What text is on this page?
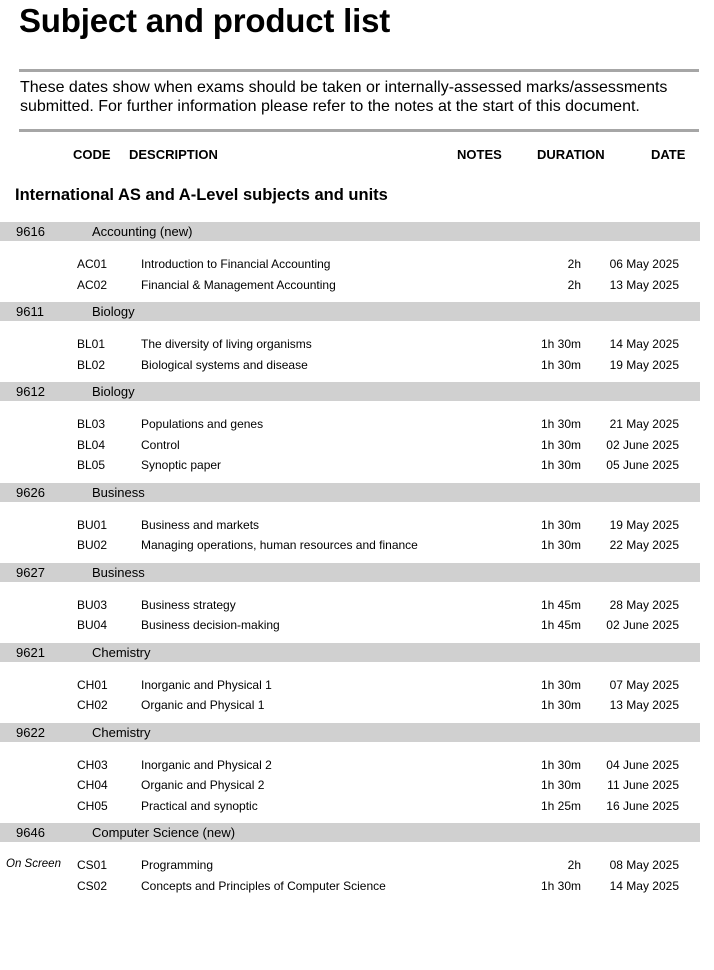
Subject and product list

These dates show when exams should be taken or internally-assessed marks/assessments submitted. For further information please refer to the notes at the start of this document.

CODE DESCRIPTION	NOTES	DURATION	DATE
International AS and A-Level subjects and units
9616	Accounting (new)
AC01	Introduction to Financial Accounting	2h 06 May 2025
AC02	Financial & Management Accounting	2h 13 May 2025
9611	Biology
BL01	The diversity of living organisms	1h 30m 14 May 2025
BL02	Biological systems and disease	1h 30m 19 May 2025
9612	Biology
BL03	Populations and genes	1h 30m 21 May 2025
BL04	Control	1h 30m 02 June 2025
BL05	Synoptic paper	1h 30m 05 June 2025
9626	Business
BU01	Business and markets	1h 30m 19 May 2025
BU02	Managing operations, human resources and finance	1h 30m 22 May 2025
9627	Business
BU03	Business strategy	1h 45m 28 May 2025
BU04	Business decision-making	1h 45m 02 June 2025
9621	Chemistry
CH01	Inorganic and Physical 1	1h 30m 07 May 2025
CH02	Organic and Physical 1	1h 30m 13 May 2025
9622	Chemistry
CH03	Inorganic and Physical 2	1h 30m 04 June 2025
CH04	Organic and Physical 2	1h 30m 11 June 2025
CH05	Practical and synoptic	1h 25m 16 June 2025
9646	Computer Science (new)
On Screen CS01	Programming	2h 08 May 2025
CS02	Concepts and Principles of Computer Science	1h 30m 14 May 2025
